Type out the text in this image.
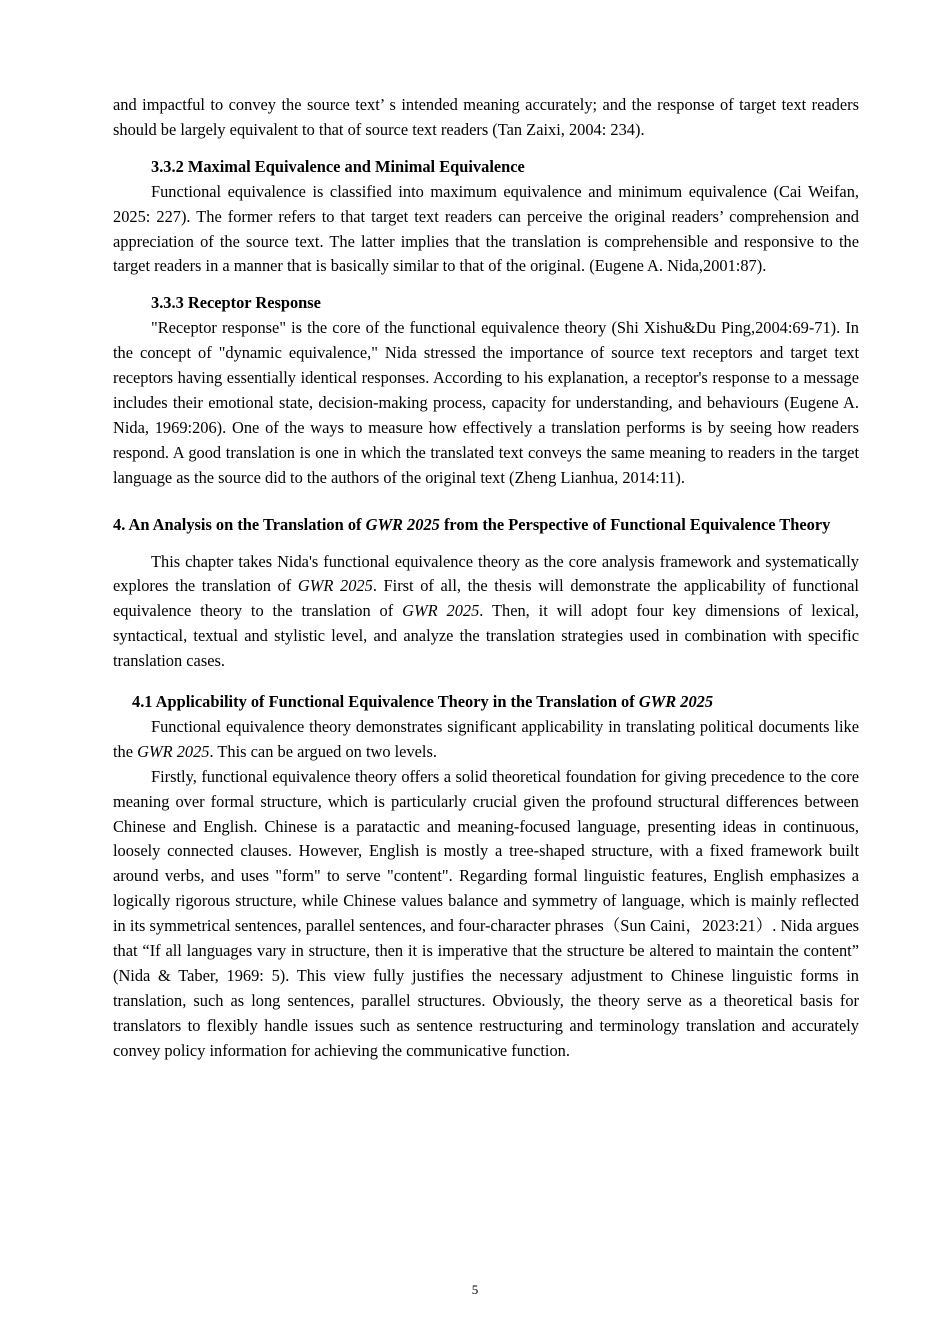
and impactful to convey the source text’ s intended meaning accurately; and the response of target text readers should be largely equivalent to that of source text readers (Tan Zaixi, 2004: 234).

3.3.2 Maximal Equivalence and Minimal Equivalence

Functional equivalence is classified into maximum equivalence and minimum equivalence (Cai Weifan, 2025: 227). The former refers to that target text readers can perceive the original readers’ comprehension and appreciation of the source text. The latter implies that the translation is comprehensible and responsive to the target readers in a manner that is basically similar to that of the original. (Eugene A. Nida,2001:87).

3.3.3 Receptor Response

"Receptor response" is the core of the functional equivalence theory (Shi Xishu&Du Ping,2004:69-71). In the concept of "dynamic equivalence," Nida stressed the importance of source text receptors and target text receptors having essentially identical responses. According to his explanation, a receptor's response to a message includes their emotional state, decision-making process, capacity for understanding, and behaviours (Eugene A. Nida, 1969:206). One of the ways to measure how effectively a translation performs is by seeing how readers respond. A good translation is one in which the translated text conveys the same meaning to readers in the target language as the source did to the authors of the original text (Zheng Lianhua, 2014:11).

4. An Analysis on the Translation of GWR 2025 from the Perspective of Functional Equivalence Theory

This chapter takes Nida's functional equivalence theory as the core analysis framework and systematically explores the translation of GWR 2025. First of all, the thesis will demonstrate the applicability of functional equivalence theory to the translation of GWR 2025. Then, it will adopt four key dimensions of lexical, syntactical, textual and stylistic level, and analyze the translation strategies used in combination with specific translation cases.

4.1 Applicability of Functional Equivalence Theory in the Translation of GWR 2025

Functional equivalence theory demonstrates significant applicability in translating political documents like the GWR 2025. This can be argued on two levels.

Firstly, functional equivalence theory offers a solid theoretical foundation for giving precedence to the core meaning over formal structure, which is particularly crucial given the profound structural differences between Chinese and English. Chinese is a paratactic and meaning-focused language, presenting ideas in continuous, loosely connected clauses. However, English is mostly a tree-shaped structure, with a fixed framework built around verbs, and uses "form" to serve "content". Regarding formal linguistic features, English emphasizes a logically rigorous structure, while Chinese values balance and symmetry of language, which is mainly reflected in its symmetrical sentences, parallel sentences, and four-character phrases（Sun Caini，2023:21）. Nida argues that “If all languages vary in structure, then it is imperative that the structure be altered to maintain the content” (Nida & Taber, 1969: 5). This view fully justifies the necessary adjustment to Chinese linguistic forms in translation, such as long sentences, parallel structures. Obviously, the theory serve as a theoretical basis for translators to flexibly handle issues such as sentence restructuring and terminology translation and accurately convey policy information for achieving the communicative function.

5
